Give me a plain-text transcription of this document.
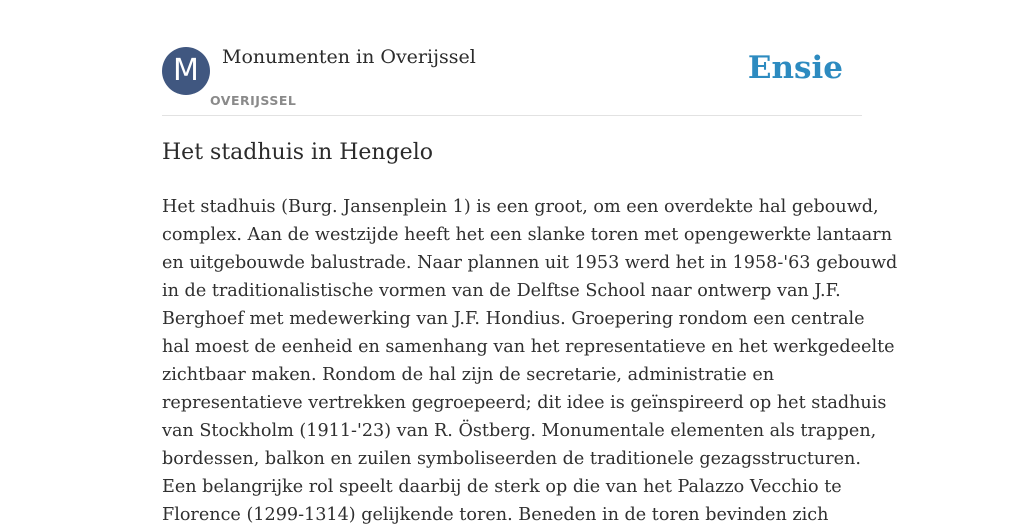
M	Monumenten in Overijssel
OVERIJSSEL
Ensie
Het stadhuis in Hengelo
Het stadhuis (Burg. Jansenplein 1) is een groot, om een overdekte hal gebouwd,
complex. Aan de westzijde heeft het een slanke toren met opengewerkte lantaarn
en uitgebouwde balustrade. Naar plannen uit 1953 werd het in 1958-'63 gebouwd
in de traditionalistische vormen van de Delftse School naar ontwerp van J.F.
Berghoef met medewerking van J.F. Hondius. Groepering rondom een centrale
hal moest de eenheid en samenhang van het representatieve en het werkgedeelte
zichtbaar maken. Rondom de hal zijn de secretarie, administratie en
representatieve vertrekken gegroepeerd; dit idee is geïnspireerd op het stadhuis
van Stockholm (1911-'23) van R. Östberg. Monumentale elementen als trappen,
bordessen, balkon en zuilen symboliseerden de traditionele gezagsstructuren.
Een belangrijke rol speelt daarbij de sterk op die van het Palazzo Vecchio te
Florence (1299-1314) gelijkende toren. Beneden in de toren bevinden zich
